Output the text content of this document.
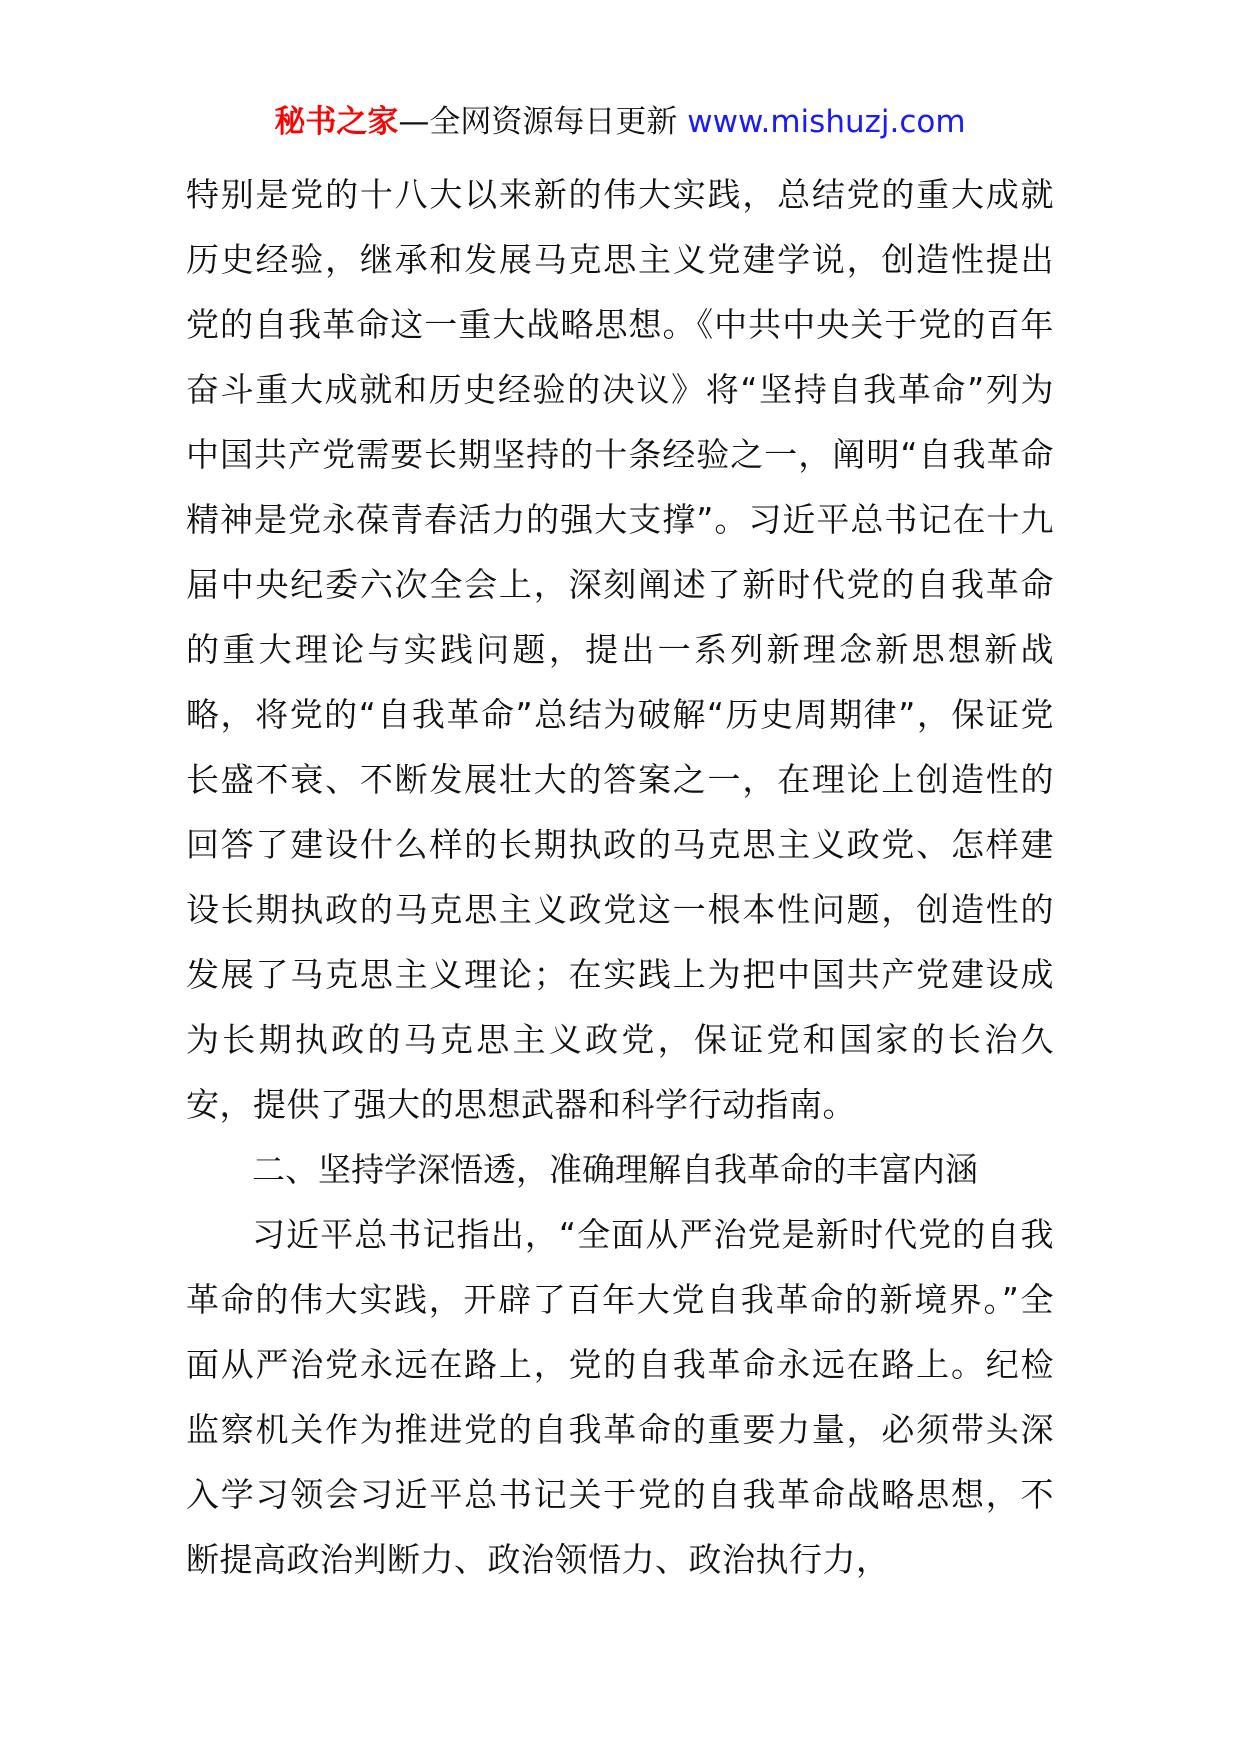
秘书之家—全网资源每日更新 www.mishuzj.com

特别是党的十八大以来新的伟大实践，总结党的重大成就历史经验，继承和发展马克思主义党建学说，创造性提出党的自我革命这一重大战略思想。《中共中央关于党的百年奋斗重大成就和历史经验的决议》将“坚持自我革命”列为中国共产党需要长期坚持的十条经验之一，阐明“自我革命精神是党永葆青春活力的强大支撑”。习近平总书记在十九届中央纪委六次全会上，深刻阐述了新时代党的自我革命的重大理论与实践问题，提出一系列新理念新思想新战略，将党的“自我革命”总结为破解“历史周期律”，保证党长盛不衰、不断发展壮大的答案之一，在理论上创造性的回答了建设什么样的长期执政的马克思主义政党、怎样建设长期执政的马克思主义政党这一根本性问题，创造性的发展了马克思主义理论；在实践上为把中国共产党建设成为长期执政的马克思主义政党，保证党和国家的长治久安，提供了强大的思想武器和科学行动指南。

二、坚持学深悟透，准确理解自我革命的丰富内涵

习近平总书记指出，“全面从严治党是新时代党的自我革命的伟大实践，开辟了百年大党自我革命的新境界。”全面从严治党永远在路上，党的自我革命永远在路上。纪检监察机关作为推进党的自我革命的重要力量，必须带头深入学习领会习近平总书记关于党的自我革命战略思想，不断提高政治判断力、政治领悟力、政治执行力，
